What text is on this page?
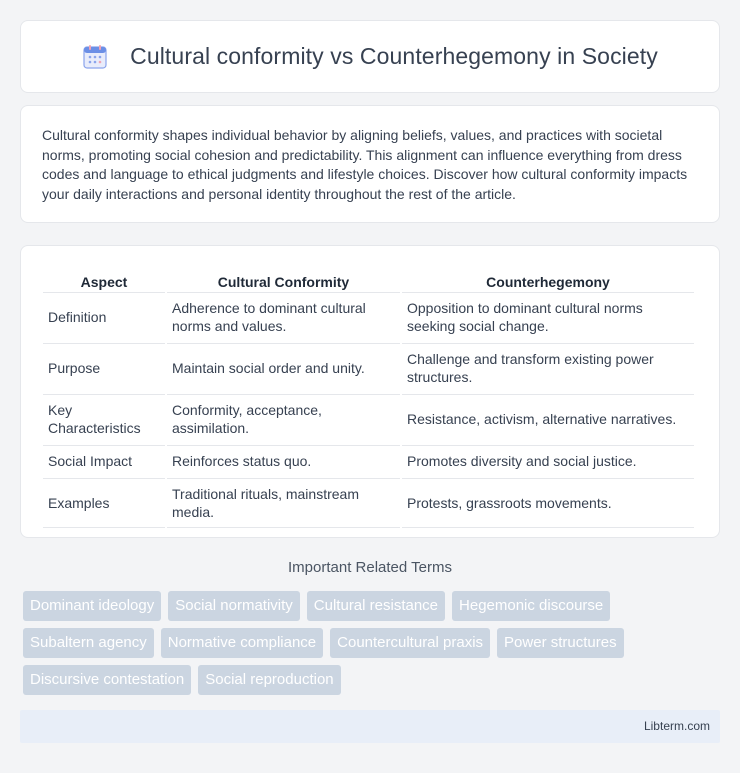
Cultural conformity vs Counterhegemony in Society

Cultural conformity shapes individual behavior by aligning beliefs, values, and practices with societal norms, promoting social cohesion and predictability. This alignment can influence everything from dress codes and language to ethical judgments and lifestyle choices. Discover how cultural conformity impacts your daily interactions and personal identity throughout the rest of the article.

Aspect	Cultural Conformity	Counterhegemony
Definition	Adherence to dominant cultural norms and values.	Opposition to dominant cultural norms seeking social change.
Purpose	Maintain social order and unity.	Challenge and transform existing power structures.
Key Characteristics	Conformity, acceptance, assimilation.	Resistance, activism, alternative narratives.
Social Impact	Reinforces status quo.	Promotes diversity and social justice.
Examples	Traditional rituals, mainstream media.	Protests, grassroots movements.
Important Related Terms
Dominant ideology	Social normativity	Cultural resistance	Hegemonic discourse
Subaltern agency	Normative compliance	Countercultural praxis	Power structures
Discursive contestation	Social reproduction
Libterm.com
